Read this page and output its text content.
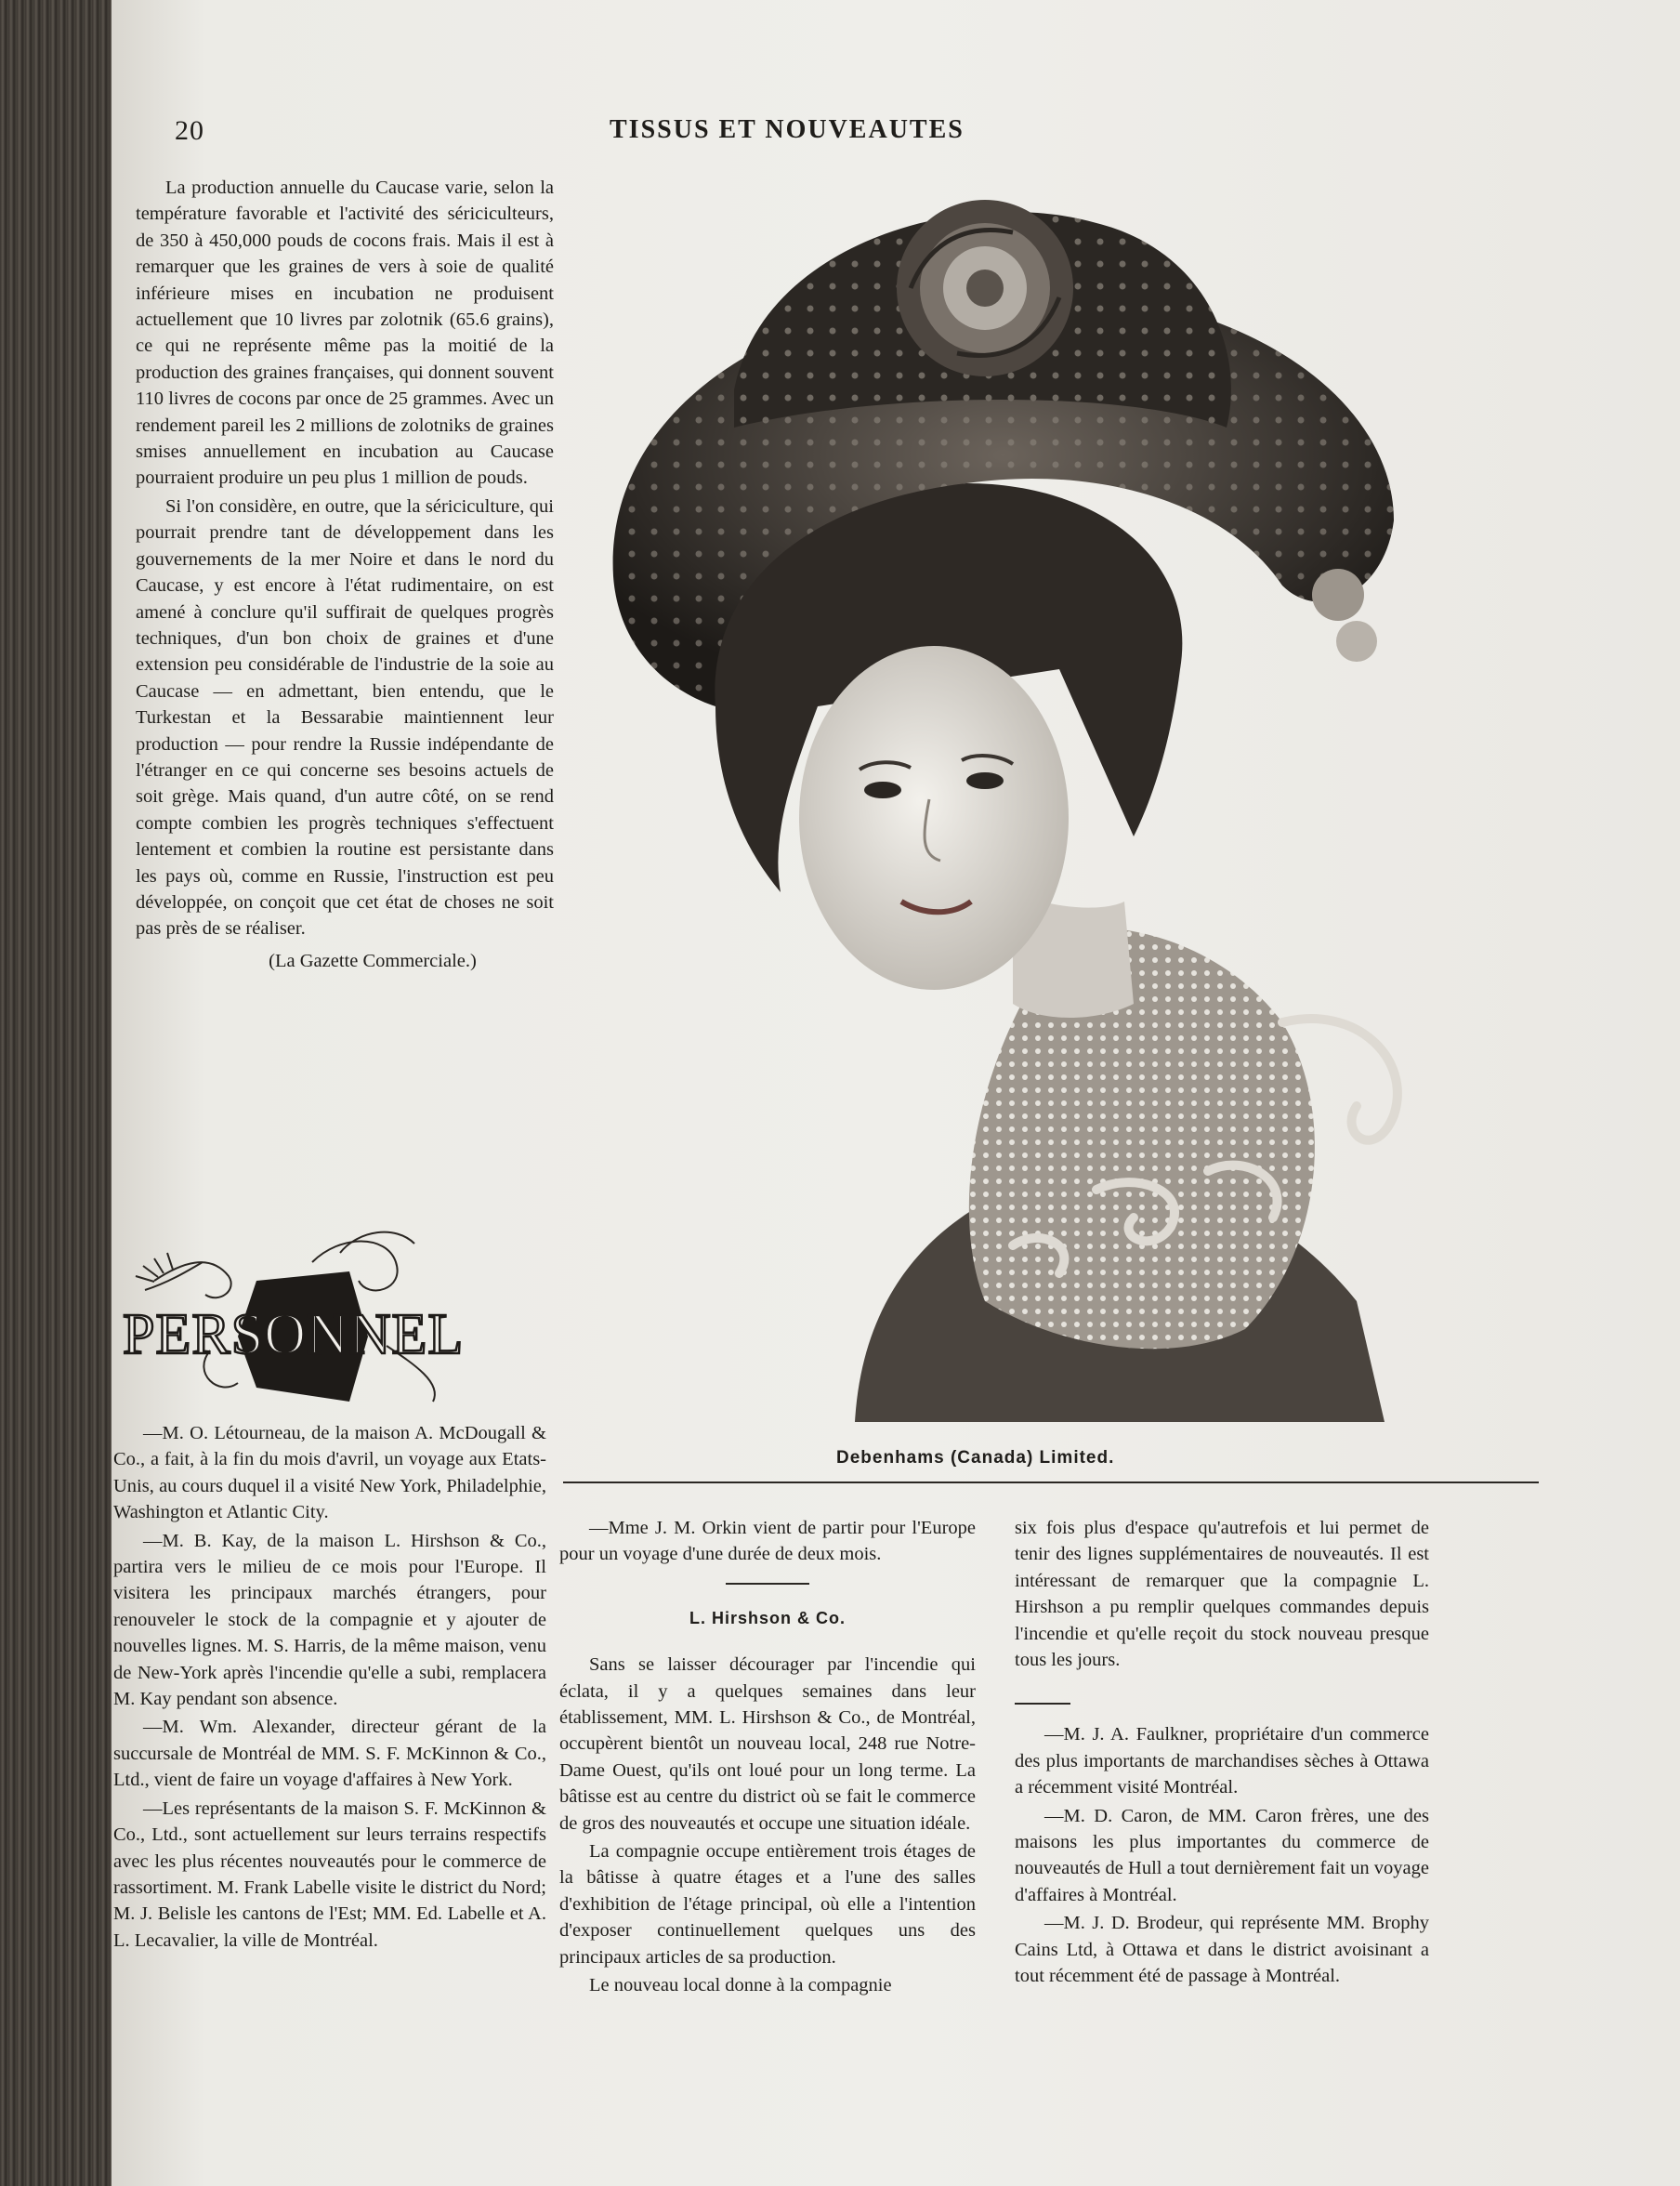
20	TISSUS ET NOUVEAUTES

La production annuelle du Caucase varie, selon la température favorable et l'activité des sériciculteurs, de 350 à 450,000 pouds de cocons frais. Mais il est à remarquer que les graines de vers à soie de qualité inférieure mises en incubation ne produisent actuellement que 10 livres par zolotnik (65.6 grains), ce qui ne représente même pas la moitié de la production des graines françaises, qui donnent souvent 110 livres de cocons par once de 25 grammes. Avec un rendement pareil les 2 millions de zolotniks de graines smises annuellement en incubation au Caucase pourraient produire un peu plus 1 million de pouds.

Si l'on considère, en outre, que la sériciculture, qui pourrait prendre tant de développement dans les gouvernements de la mer Noire et dans le nord du Caucase, y est encore à l'état rudimentaire, on est amené à conclure qu'il suffirait de quelques progrès techniques, d'un bon choix de graines et d'une extension peu considérable de l'industrie de la soie au Caucase — en admettant, bien entendu, que le Turkestan et la Bessarabie maintiennent leur production — pour rendre la Russie indépendante de l'étranger en ce qui concerne ses besoins actuels de soit grège. Mais quand, d'un autre côté, on se rend compte combien les progrès techniques s'effectuent lentement et combien la routine est persistante dans les pays où, comme en Russie, l'instruction est peu développée, on conçoit que cet état de choses ne soit pas près de se réaliser.

(La Gazette Commerciale.)

PERSONNEL

—M. O. Létourneau, de la maison A. McDougall & Co., a fait, à la fin du mois d'avril, un voyage aux Etats-Unis, au cours duquel il a visité New York, Philadelphie, Washington et Atlantic City.

—M. B. Kay, de la maison L. Hirshson & Co., partira vers le milieu de ce mois pour l'Europe. Il visitera les principaux marchés étrangers, pour renouveler le stock de la compagnie et y ajouter de nouvelles lignes. M. S. Harris, de la même maison, venu de New-York après l'incendie qu'elle a subi, remplacera M. Kay pendant son absence.

—M. Wm. Alexander, directeur gérant de la succursale de Montréal de MM. S. F. McKinnon & Co., Ltd., vient de faire un voyage d'affaires à New York.

—Les représentants de la maison S. F. McKinnon & Co., Ltd., sont actuellement sur leurs terrains respectifs avec les plus récentes nouveautés pour le commerce de rassortiment. M. Frank Labelle visite le district du Nord; M. J. Belisle les cantons de l'Est; MM. Ed. Labelle et A. L. Lecavalier, la ville de Montréal.

Debenhams (Canada) Limited.

—Mme J. M. Orkin vient de partir pour l'Europe pour un voyage d'une durée de deux mois.

L. Hirshson & Co.

Sans se laisser décourager par l'incendie qui éclata, il y a quelques semaines dans leur établissement, MM. L. Hirshson & Co., de Montréal, occupèrent bientôt un nouveau local, 248 rue Notre-Dame Ouest, qu'ils ont loué pour un long terme. La bâtisse est au centre du district où se fait le commerce de gros des nouveautés et occupe une situation idéale.

La compagnie occupe entièrement trois étages de la bâtisse à quatre étages et a l'une des salles d'exhibition de l'étage principal, où elle a l'intention d'exposer continuellement quelques uns des principaux articles de sa production.

Le nouveau local donne à la compagnie

six fois plus d'espace qu'autrefois et lui permet de tenir des lignes supplémentaires de nouveautés. Il est intéressant de remarquer que la compagnie L. Hirshson a pu remplir quelques commandes depuis l'incendie et qu'elle reçoit du stock nouveau presque tous les jours.

—M. J. A. Faulkner, propriétaire d'un commerce des plus importants de marchandises sèches à Ottawa a récemment visité Montréal.

—M. D. Caron, de MM. Caron frères, une des maisons les plus importantes du commerce de nouveautés de Hull a tout dernièrement fait un voyage d'affaires à Montréal.

—M. J. D. Brodeur, qui représente MM. Brophy Cains Ltd, à Ottawa et dans le district avoisinant a tout récemment été de passage à Montréal.
